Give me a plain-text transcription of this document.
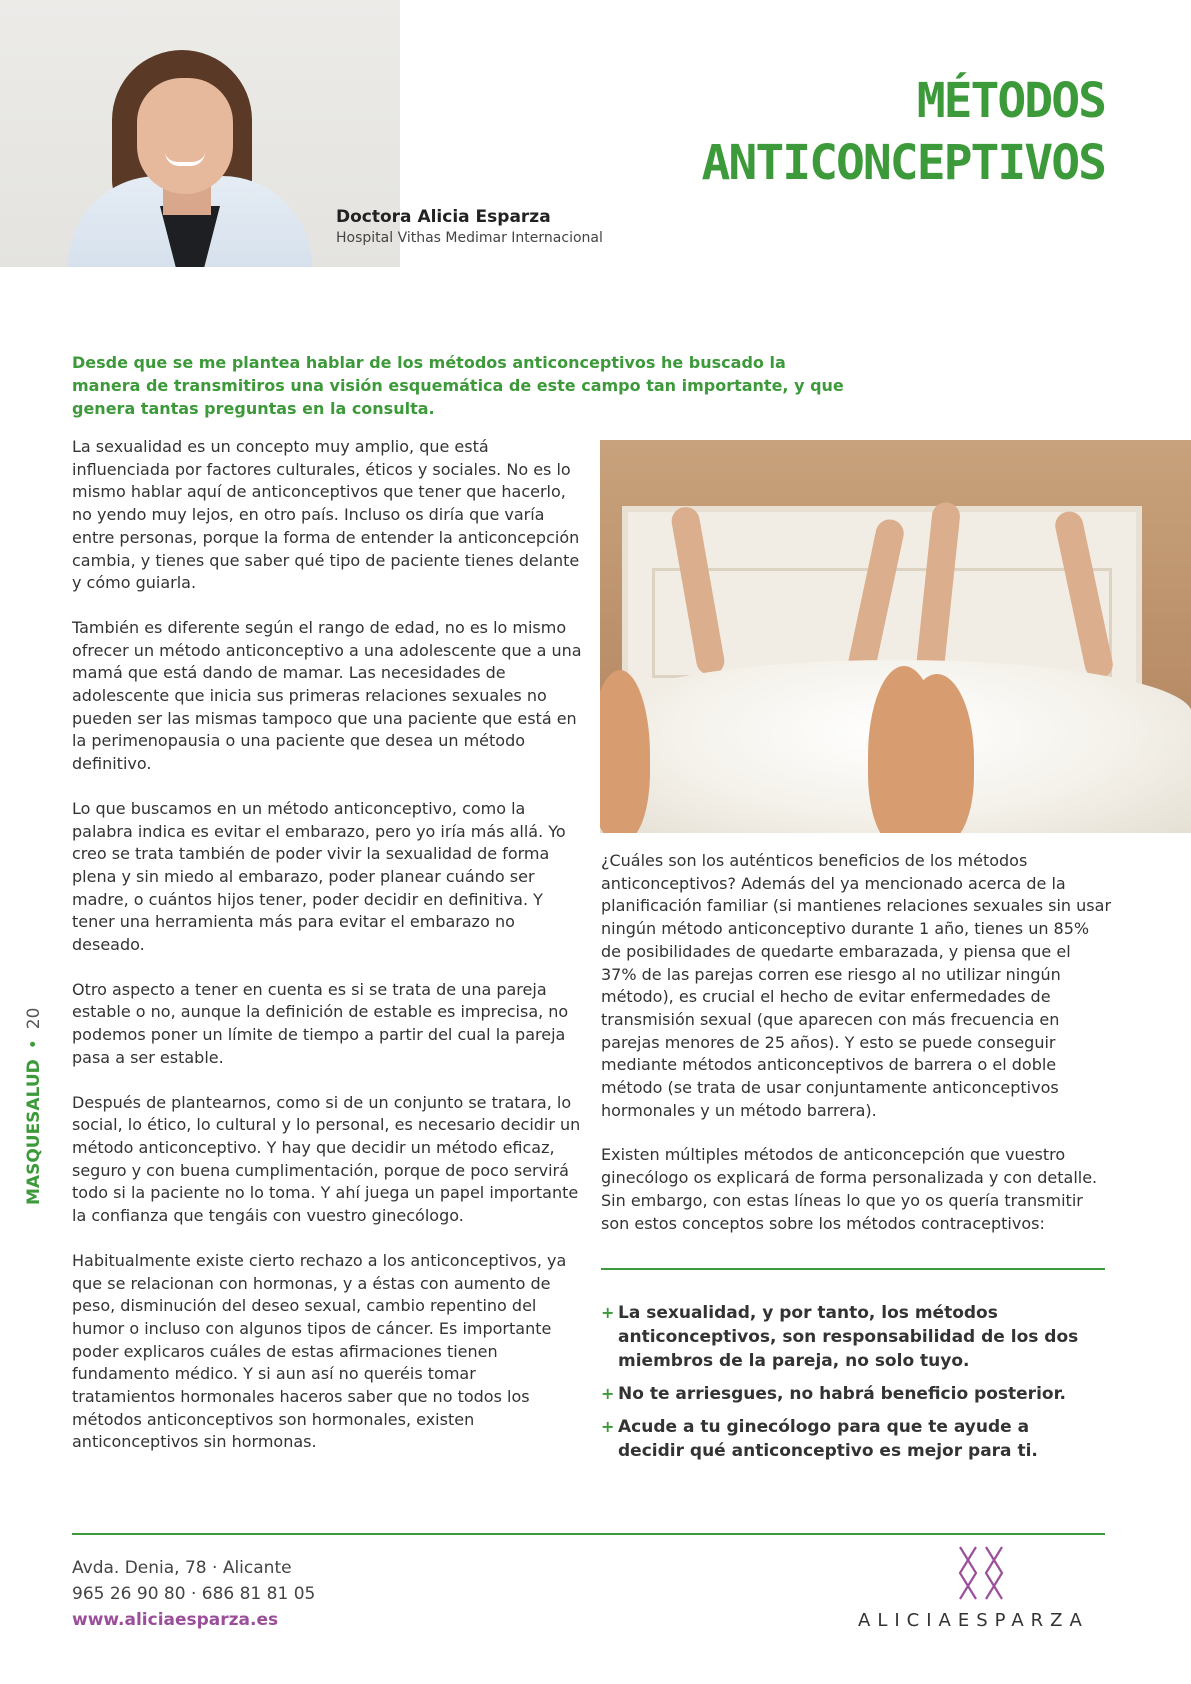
MÉTODOS
ANTICONCEPTIVOS
Doctora Alicia Esparza
Hospital Vithas Medimar Internacional

Desde que se me plantea hablar de los métodos anticonceptivos he buscado la manera de transmitiros una visión esquemática de este campo tan importante, y que genera tantas preguntas en la consulta.

La sexualidad es un concepto muy amplio, que está influenciada por factores culturales, éticos y sociales. No es lo mismo hablar aquí de anticonceptivos que tener que hacerlo, no yendo muy lejos, en otro país. Incluso os diría que varía entre personas, porque la forma de entender la anticoncepción cambia, y tienes que saber qué tipo de paciente tienes delante y cómo guiarla.

También es diferente según el rango de edad, no es lo mismo ofrecer un método anticonceptivo a una adolescente que a una mamá que está dando de mamar. Las necesidades de adolescente que inicia sus primeras relaciones sexuales no pueden ser las mismas tampoco que una paciente que está en la perimenopausia o una paciente que desea un método definitivo.

Lo que buscamos en un método anticonceptivo, como la palabra indica es evitar el embarazo, pero yo iría más allá. Yo creo se trata también de poder vivir la sexualidad de forma plena y sin miedo al embarazo, poder planear cuándo ser madre, o cuántos hijos tener, poder decidir en definitiva. Y tener una herramienta más para evitar el embarazo no deseado.

Otro aspecto a tener en cuenta es si se trata de una pareja estable o no, aunque la definición de estable es imprecisa, no podemos poner un límite de tiempo a partir del cual la pareja pasa a ser estable.

Después de plantearnos, como si de un conjunto se tratara, lo social, lo ético, lo cultural y lo personal, es necesario decidir un método anticonceptivo. Y hay que decidir un método eficaz, seguro y con buena cumplimentación, porque de poco servirá todo si la paciente no lo toma. Y ahí juega un papel importante la confianza que tengáis con vuestro ginecólogo.

Habitualmente existe cierto rechazo a los anticonceptivos, ya que se relacionan con hormonas, y a éstas con aumento de peso, disminución del deseo sexual, cambio repentino del humor o incluso con algunos tipos de cáncer. Es importante poder explicaros cuáles de estas afirmaciones tienen fundamento médico. Y si aun así no queréis tomar tratamientos hormonales haceros saber que no todos los métodos anticonceptivos son hormonales, existen anticonceptivos sin hormonas.

¿Cuáles son los auténticos beneficios de los métodos anticonceptivos? Además del ya mencionado acerca de la planificación familiar (si mantienes relaciones sexuales sin usar ningún método anticonceptivo durante 1 año, tienes un 85% de posibilidades de quedarte embarazada, y piensa que el 37% de las parejas corren ese riesgo al no utilizar ningún método), es crucial el hecho de evitar enfermedades de transmisión sexual (que aparecen con más frecuencia en parejas menores de 25 años). Y esto se puede conseguir mediante métodos anticonceptivos de barrera o el doble método (se trata de usar conjuntamente anticonceptivos hormonales y un método barrera).

Existen múltiples métodos de anticoncepción que vuestro ginecólogo os explicará de forma personalizada y con detalle. Sin embargo, con estas líneas lo que yo os quería transmitir son estos conceptos sobre los métodos contraceptivos:

+ La sexualidad, y por tanto, los métodos anticonceptivos, son responsabilidad de los dos miembros de la pareja, no solo tuyo.
+ No te arriesgues, no habrá beneficio posterior.
+ Acude a tu ginecólogo para que te ayude a decidir qué anticonceptivo es mejor para ti.
MASQUESALUD•20
Avda. Denia, 78 · Alicante
965 26 90 80 · 686 81 81 05
www.aliciaesparza.es	ALICIAESPARZA
